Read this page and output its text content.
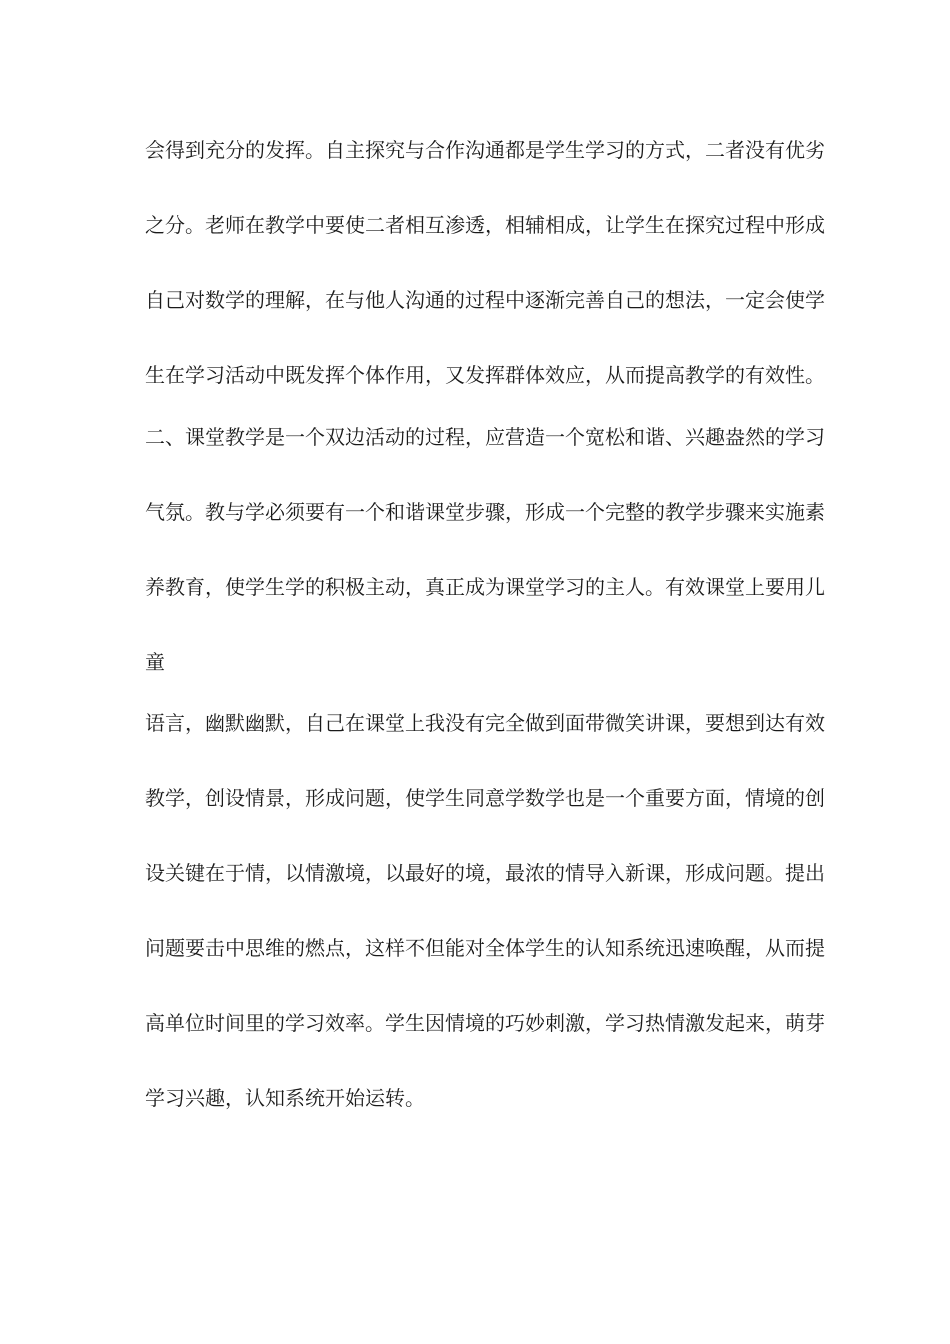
会得到充分的发挥。自主探究与合作沟通都是学生学习的方式，二者没有优劣
之分。老师在教学中要使二者相互渗透，相辅相成，让学生在探究过程中形成
自己对数学的理解，在与他人沟通的过程中逐渐完善自己的想法，一定会使学
生在学习活动中既发挥个体作用，又发挥群体效应，从而提高教学的有效性。
二、课堂教学是一个双边活动的过程，应营造一个宽松和谐、兴趣盎然的学习
气氛。教与学必须要有一个和谐课堂步骤，形成一个完整的教学步骤来实施素
养教育，使学生学的积极主动，真正成为课堂学习的主人。有效课堂上要用儿
童
语言，幽默幽默，自己在课堂上我没有完全做到面带微笑讲课，要想到达有效
教学，创设情景，形成问题，使学生同意学数学也是一个重要方面，情境的创
设关键在于情，以情激境，以最好的境，最浓的情导入新课，形成问题。提出
问题要击中思维的燃点，这样不但能对全体学生的认知系统迅速唤醒，从而提
高单位时间里的学习效率。学生因情境的巧妙刺激，学习热情激发起来，萌芽
学习兴趣，认知系统开始运转。
